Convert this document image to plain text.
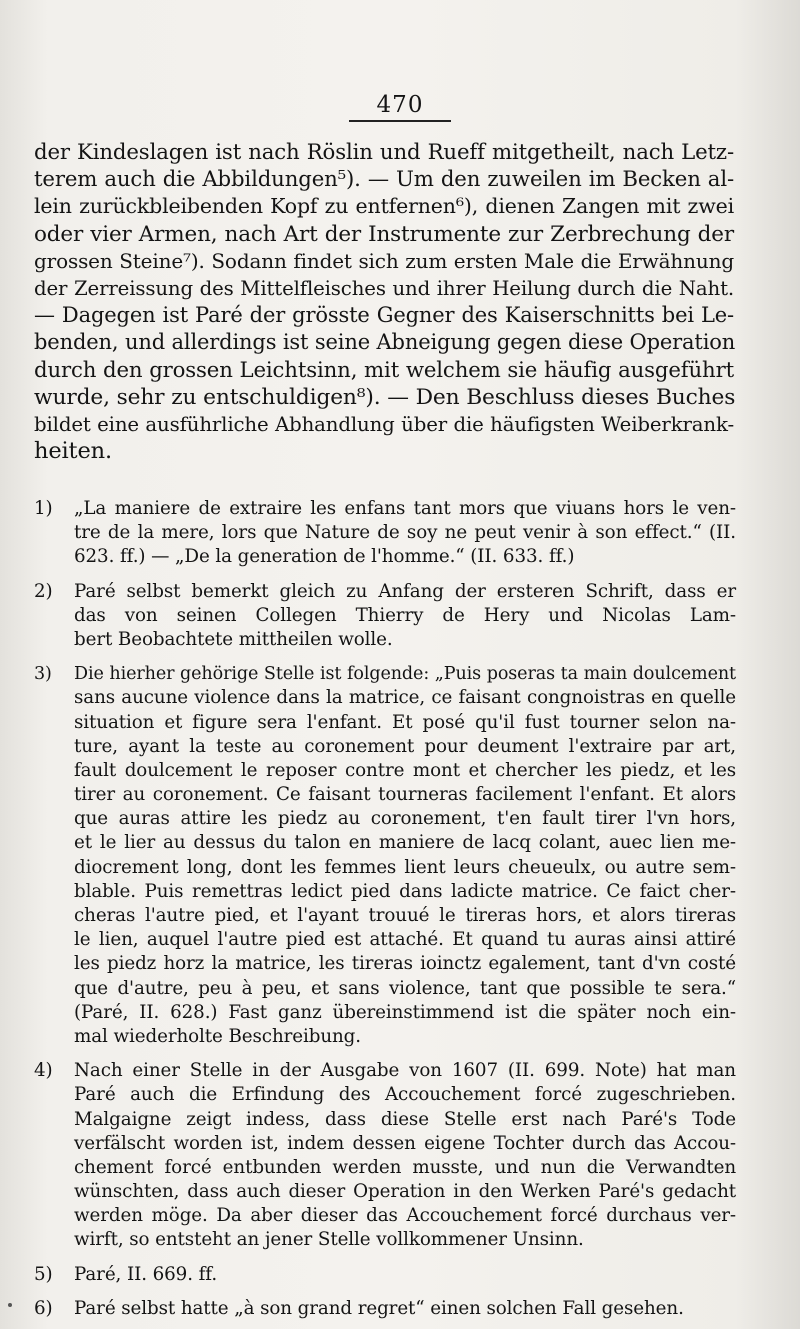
470
der Kindeslagen ist nach Röslin und Rueff mitgetheilt, nach Letz-
terem auch die Abbildungen⁵). — Um den zuweilen im Becken al-
lein zurückbleibenden Kopf zu entfernen⁶), dienen Zangen mit zwei
oder vier Armen, nach Art der Instrumente zur Zerbrechung der
grossen Steine⁷). Sodann findet sich zum ersten Male die Erwähnung
der Zerreissung des Mittelfleisches und ihrer Heilung durch die Naht.
— Dagegen ist Paré der grösste Gegner des Kaiserschnitts bei Le-
benden, und allerdings ist seine Abneigung gegen diese Operation
durch den grossen Leichtsinn, mit welchem sie häufig ausgeführt
wurde, sehr zu entschuldigen⁸). — Den Beschluss dieses Buches
bildet eine ausführliche Abhandlung über die häufigsten Weiberkrank-
heiten.
1) „La maniere de extraire les enfans tant mors que viuans hors le ven-
tre de la mere, lors que Nature de soy ne peut venir à son effect.“ (II.
623. ff.) — „De la generation de l'homme.“ (II. 633. ff.)
2) Paré selbst bemerkt gleich zu Anfang der ersteren Schrift, dass er
das von seinen Collegen Thierry de Hery und Nicolas Lam-
bert Beobachtete mittheilen wolle.
3) Die hierher gehörige Stelle ist folgende: „Puis poseras ta main doulcement
sans aucune violence dans la matrice, ce faisant congnoistras en quelle
situation et figure sera l'enfant. Et posé qu'il fust tourner selon na-
ture, ayant la teste au coronement pour deument l'extraire par art,
fault doulcement le reposer contre mont et chercher les piedz, et les
tirer au coronement. Ce faisant tourneras facilement l'enfant. Et alors
que auras attire les piedz au coronement, t'en fault tirer l'vn hors,
et le lier au dessus du talon en maniere de lacq colant, auec lien me-
diocrement long, dont les femmes lient leurs cheueulx, ou autre sem-
blable. Puis remettras ledict pied dans ladicte matrice. Ce faict cher-
cheras l'autre pied, et l'ayant trouué le tireras hors, et alors tireras
le lien, auquel l'autre pied est attaché. Et quand tu auras ainsi attiré
les piedz horz la matrice, les tireras ioinctz egalement, tant d'vn costé
que d'autre, peu à peu, et sans violence, tant que possible te sera.“
(Paré, II. 628.) Fast ganz übereinstimmend ist die später noch ein-
mal wiederholte Beschreibung.
4) Nach einer Stelle in der Ausgabe von 1607 (II. 699. Note) hat man
Paré auch die Erfindung des Accouchement forcé zugeschrieben.
Malgaigne zeigt indess, dass diese Stelle erst nach Paré's Tode
verfälscht worden ist, indem dessen eigene Tochter durch das Accou-
chement forcé entbunden werden musste, und nun die Verwandten
wünschten, dass auch dieser Operation in den Werken Paré's gedacht
werden möge. Da aber dieser das Accouchement forcé durchaus ver-
wirft, so entsteht an jener Stelle vollkommener Unsinn.
5) Paré, II. 669. ff.
6) Paré selbst hatte „à son grand regret“ einen solchen Fall gesehen.
